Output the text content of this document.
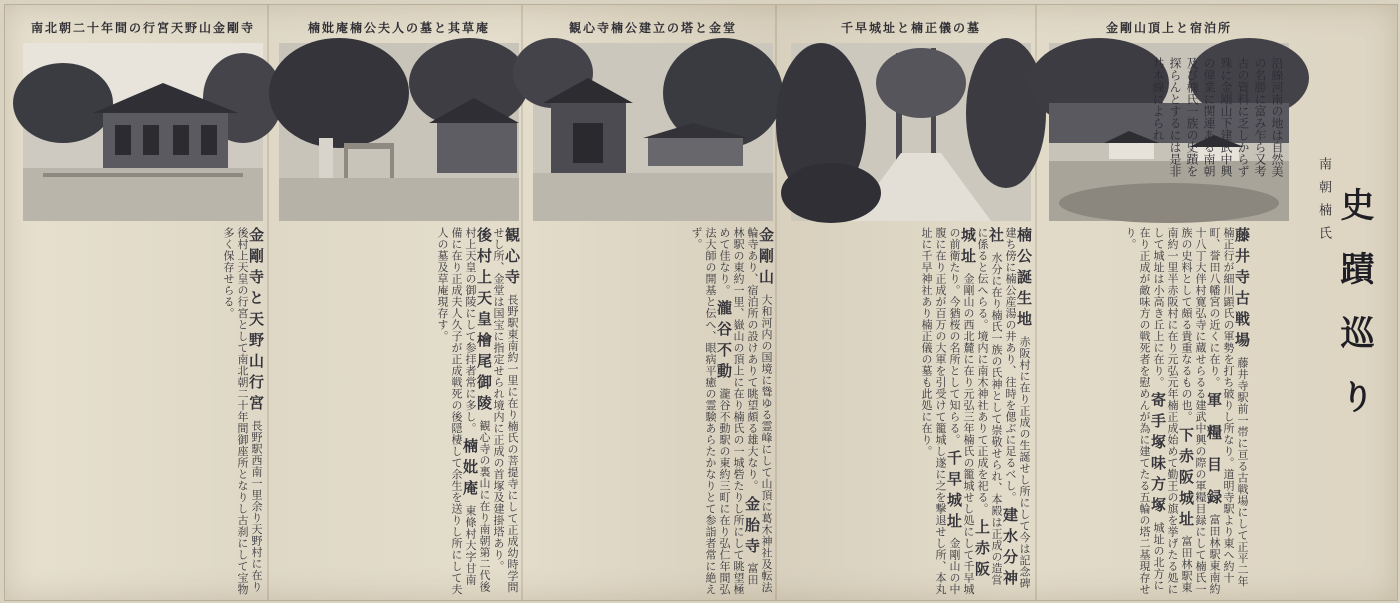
南北朝二十年間の行宮天野山金剛寺	楠妣庵楠公夫人の墓と其草庵	観心寺楠公建立の塔と金堂	千早城址と楠正儀の墓	金剛山頂上と宿泊所
南朝楠氏 史蹟巡り
沿線河南の地は自然美の名勝に富み乍ら又考古の資料に乏しからず殊に金剛山下建武中興の偉業に関連ある南朝及び楠氏一族の史蹟を探らんとするには是非共本線によられ
藤井寺古戦場 藤井寺駅前一帯に亘る古戦場にして正平二年楠正行が細川顕氏の軍勢を打ち破りし所なり。道明寺駅より東へ約十町、誉田八幡宮の近くに在り。 軍 糧 目 録 富田林駅東南約十八丁大伴村寛弘寺に蔵せらるる建武中興の際の軍糧目録にして楠氏一族の史料として頗る貴重なるもの也。 下赤阪城址 富田林駅東南約一里半赤阪村に在り元弘元年楠正成始めて勤王の旗を挙げたる処にして城址は小高き丘上に在り。 寄手塚味方塚 城址の北方に在り正成が敵味方の戦死者を慰めんが為に建てたる五輪の塔二基現存せり。
楠公誕生地 赤阪村に在り正成の生誕せし所にして今は記念碑建ち傍に楠公産湯の井あり、往時を偲ぶに足るべし。 建水分神社 水分に在り楠氏一族の氏神として崇敬せられ、本殿は正成の造営に係ると伝へらる。境内に南木神社ありて正成を祀る。 上赤阪城址 金剛山の西北麓に在り元弘三年楠氏の籠城せし処にして千早城の前衛たり。今猶桜の名所として知らる。 千早城址 金剛山の中腹に在り正成が百万の大軍を引受けて籠城し遂に之を撃退せし所、本丸址に千早神社あり楠正儀の墓も此処に在り。
金剛山 大和河内の国境に聳ゆる霊峰にして山頂に葛木神社及転法輪寺あり、宿泊所の設けありて眺望頗る雄大なり。 金胎寺 富田林駅の東約一里、嶽山の頂上に在り楠氏の一城砦たりし所にして眺望極めて佳なり。 瀧谷不動 瀧谷不動駅の東約三町に在り弘仁年間弘法大師の開基と伝へ、眼病平癒の霊験あらたかなりとて参詣者常に絶えず。
観心寺 長野駅東南約一里に在り楠氏の菩提寺にして正成幼時学問せし所、金堂は国宝に指定せられ境内に正成の首塚及建掛塔あり。 後村上天皇檜尾御陵 観心寺の裏山に在り南朝第二代後村上天皇の御陵にして参拝者常に多し。 楠妣庵 東條村大字甘南備に在り正成夫人久子が正成戦死の後隠棲して余生を送りし所にして夫人の墓及草庵現存す。
金剛寺と天野山行宮 長野駅西南一里余り天野村に在り後村上天皇の行宮として南北朝二十年間御座所となりし古刹にして宝物多く保存せらる。
